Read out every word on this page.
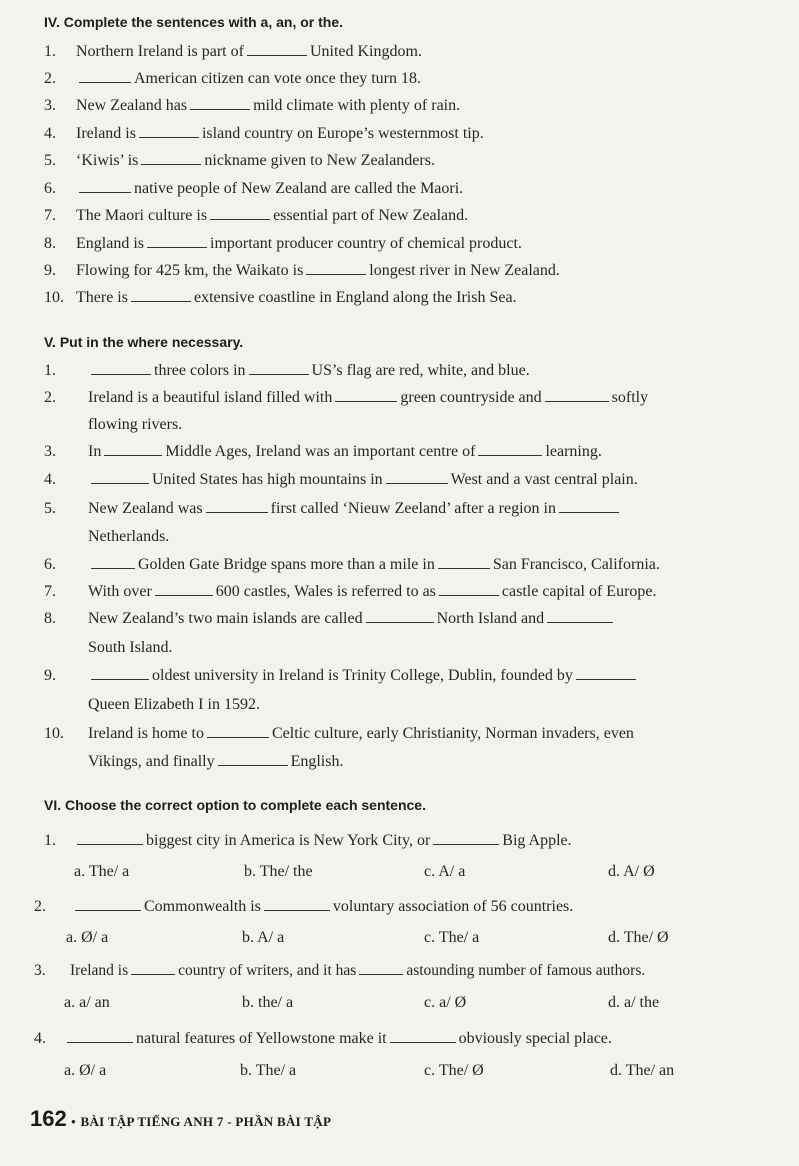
IV. Complete the sentences with a, an, or the.
1. Northern Ireland is part of	United Kingdom.
2.	American citizen can vote once they turn 18.
3. New Zealand has	mild climate with plenty of rain.
4. Ireland is	island country on Europe’s westernmost tip.
5. ‘Kiwis’ is	nickname given to New Zealanders.
6.	native people of New Zealand are called the Maori.
7. The Maori culture is	essential part of New Zealand.
8. England is	important producer country of chemical product.
9. Flowing for 425 km, the Waikato is	longest river in New Zealand.
10. There is	extensive coastline in England along the Irish Sea.
V. Put in the where necessary.
1.	three colors in	US’s flag are red, white, and blue.
2. Ireland is a beautiful island filled with	green countryside and	softly
flowing rivers.
3. In	Middle Ages, Ireland was an important centre of	learning.
4.	United States has high mountains in	West and a vast central plain.
5. New Zealand was	first called ‘Nieuw Zeeland’ after a region in
Netherlands.
6.	Golden Gate Bridge spans more than a mile in	San Francisco, California.
7. With over	600 castles, Wales is referred to as	castle capital of Europe.
8. New Zealand’s two main islands are called	North Island and
South Island.
9.	oldest university in Ireland is Trinity College, Dublin, founded by
Queen Elizabeth I in 1592.
10. Ireland is home to	Celtic culture, early Christianity, Norman invaders, even
Vikings, and finally	English.
VI. Choose the correct option to complete each sentence.
1.	biggest city in America is New York City, or	Big Apple.
a. The/ a	b. The/ the	c. A/ a	d. A/ Ø
2.	Commonwealth is	voluntary association of 56 countries.
a. Ø/ a	b. A/ a	c. The/ a	d. The/ Ø
3. Ireland is	country of writers, and it has	astounding number of famous authors.
a. a/ an	b. the/ a	c. a/ Ø	d. a/ the
4.	natural features of Yellowstone make it	obviously special place.
a. Ø/ a	b. The/ a	c. The/ Ø	d. The/ an
162 • BÀI TẬP TIẾNG ANH 7 - PHẦN BÀI TẬP
